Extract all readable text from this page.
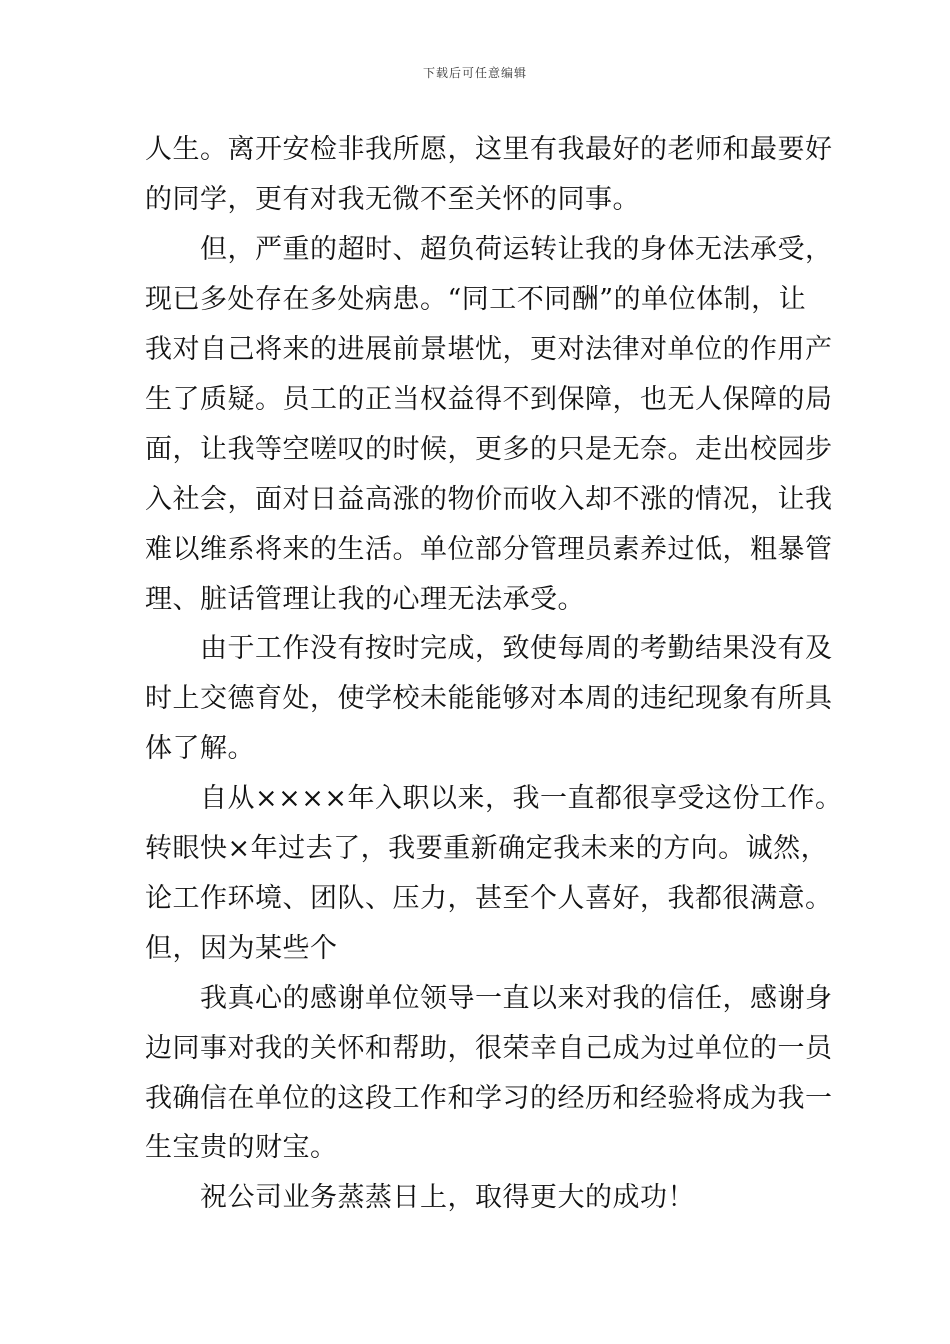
下载后可任意编辑
人生。离开安检非我所愿，这里有我最好的老师和最要好
的同学，更有对我无微不至关怀的同事。
但，严重的超时、超负荷运转让我的身体无法承受，
现已多处存在多处病患。“同工不同酬”的单位体制，让
我对自己将来的进展前景堪忧，更对法律对单位的作用产
生了质疑。员工的正当权益得不到保障，也无人保障的局
面，让我等空嗟叹的时候，更多的只是无奈。走出校园步
入社会，面对日益高涨的物价而收入却不涨的情况，让我
难以维系将来的生活。单位部分管理员素养过低，粗暴管
理、脏话管理让我的心理无法承受。
由于工作没有按时完成，致使每周的考勤结果没有及
时上交德育处，使学校未能能够对本周的违纪现象有所具
体了解。
自从××××年入职以来，我一直都很享受这份工作。
转眼快×年过去了，我要重新确定我未来的方向。诚然，
论工作环境、团队、压力，甚至个人喜好，我都很满意。
但，因为某些个
我真心的感谢单位领导一直以来对我的信任，感谢身
边同事对我的关怀和帮助，很荣幸自己成为过单位的一员
我确信在单位的这段工作和学习的经历和经验将成为我一
生宝贵的财宝。
祝公司业务蒸蒸日上，取得更大的成功！
